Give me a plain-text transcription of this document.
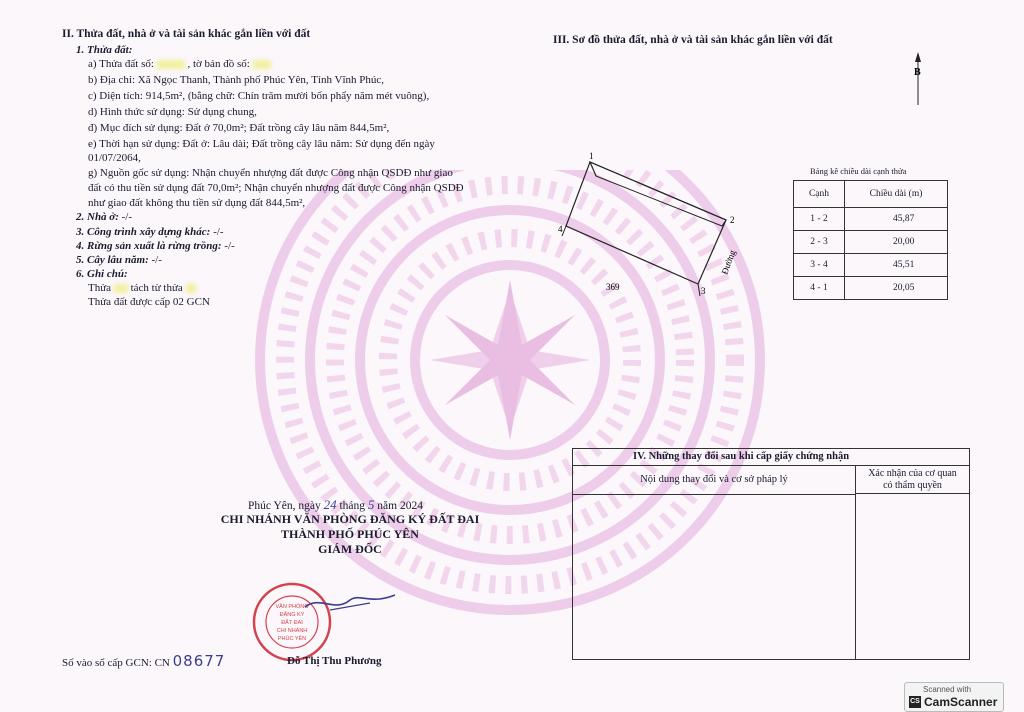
II. Thửa đất, nhà ở và tài sản khác gắn liền với đất
1. Thửa đất:
a) Thửa đất số:	, tờ bản đồ số:
b) Địa chỉ: Xã Ngọc Thanh, Thành phố Phúc Yên, Tỉnh Vĩnh Phúc,
c) Diện tích: 914,5m², (bằng chữ: Chín trăm mười bốn phẩy năm mét vuông),
d) Hình thức sử dụng: Sử dụng chung,
đ) Mục đích sử dụng: Đất ở 70,0m²; Đất trồng cây lâu năm 844,5m²,
e) Thời hạn sử dụng: Đất ở: Lâu dài; Đất trồng cây lâu năm: Sử dụng đến ngày
01/07/2064,
g) Nguồn gốc sử dụng: Nhận chuyển nhượng đất được Công nhận QSDĐ như giao
đất có thu tiền sử dụng đất 70,0m²; Nhận chuyển nhượng đất được Công nhận QSDĐ
như giao đất không thu tiền sử dụng đất 844,5m²,
2. Nhà ở: -/-
3. Công trình xây dựng khác: -/-
4. Rừng sản xuất là rừng trồng: -/-
5. Cây lâu năm: -/-
6. Ghi chú:
Thửa tách từ thửa
Thửa đất được cấp 02 GCN
III. Sơ đồ thửa đất, nhà ở và tài sản khác gắn liền với đất
B
1
2
3
4
Đường
369
Bảng kê chiều dài cạnh thửa
Cạnh	Chiều dài (m)
1 - 2	45,87
2 - 3	20,00
3 - 4	45,51
4 - 1	20,05
IV. Những thay đổi sau khi cấp giấy chứng nhận
Nội dung thay đổi và cơ sở pháp lý
Xác nhận của cơ quan
có thẩm quyền
Phúc Yên, ngày 24 tháng 5 năm 2024
CHI NHÁNH VĂN PHÒNG ĐĂNG KÝ ĐẤT ĐAI
THÀNH PHỐ PHÚC YÊN
GIÁM ĐỐC
VĂN PHÒNG
ĐĂNG KÝ
ĐẤT ĐAI
CHI NHÁNH
PHÚC YÊN
Số vào sổ cấp GCN: CN 08677	Đỗ Thị Thu Phương
Scanned with
CS CamScanner
